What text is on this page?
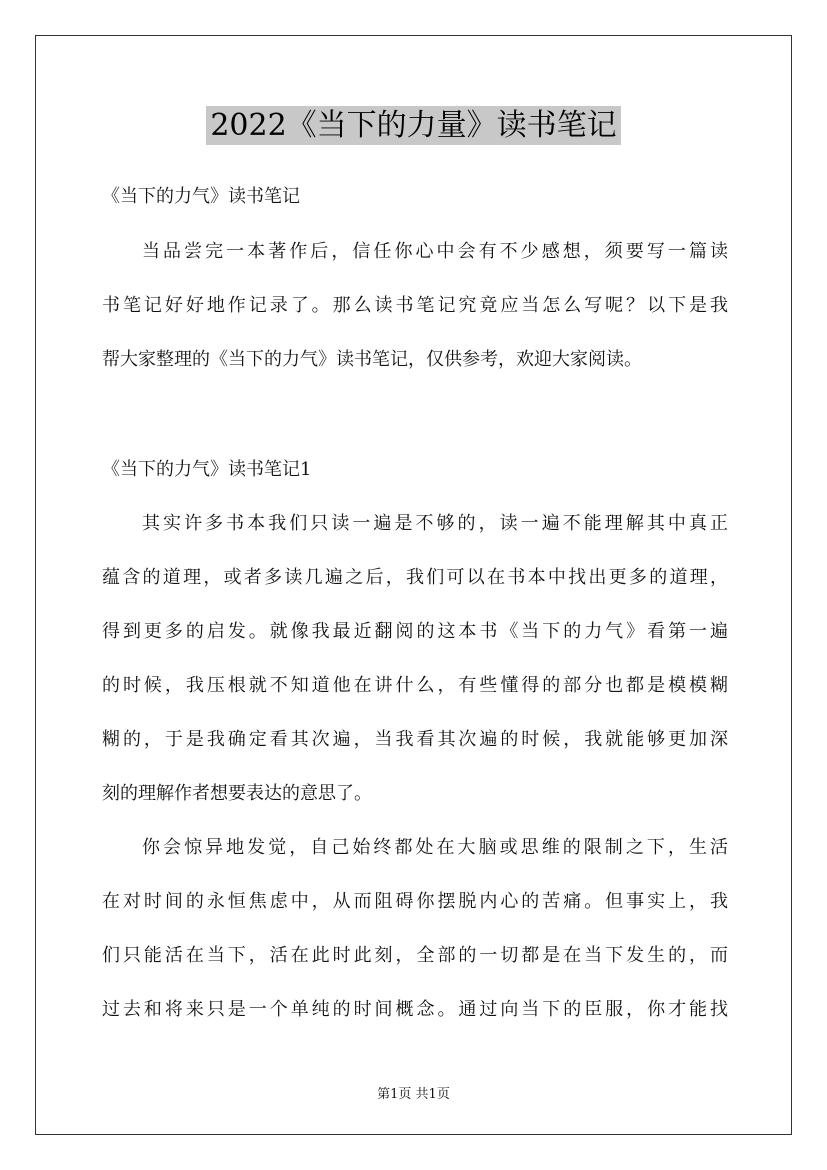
2022《当下的力量》读书笔记
《当下的力气》读书笔记
当品尝完一本著作后，信任你心中会有不少感想，须要写一篇读
书笔记好好地作记录了。那么读书笔记究竟应当怎么写呢？以下是我
帮大家整理的《当下的力气》读书笔记，仅供参考，欢迎大家阅读。
《当下的力气》读书笔记1
其实许多书本我们只读一遍是不够的，读一遍不能理解其中真正
蕴含的道理，或者多读几遍之后，我们可以在书本中找出更多的道理，
得到更多的启发。就像我最近翻阅的这本书《当下的力气》看第一遍
的时候，我压根就不知道他在讲什么，有些懂得的部分也都是模模糊
糊的，于是我确定看其次遍，当我看其次遍的时候，我就能够更加深
刻的理解作者想要表达的意思了。
你会惊异地发觉，自己始终都处在大脑或思维的限制之下，生活
在对时间的永恒焦虑中，从而阻碍你摆脱内心的苦痛。但事实上，我
们只能活在当下，活在此时此刻，全部的一切都是在当下发生的，而
过去和将来只是一个单纯的时间概念。通过向当下的臣服，你才能找
第1页 共1页
